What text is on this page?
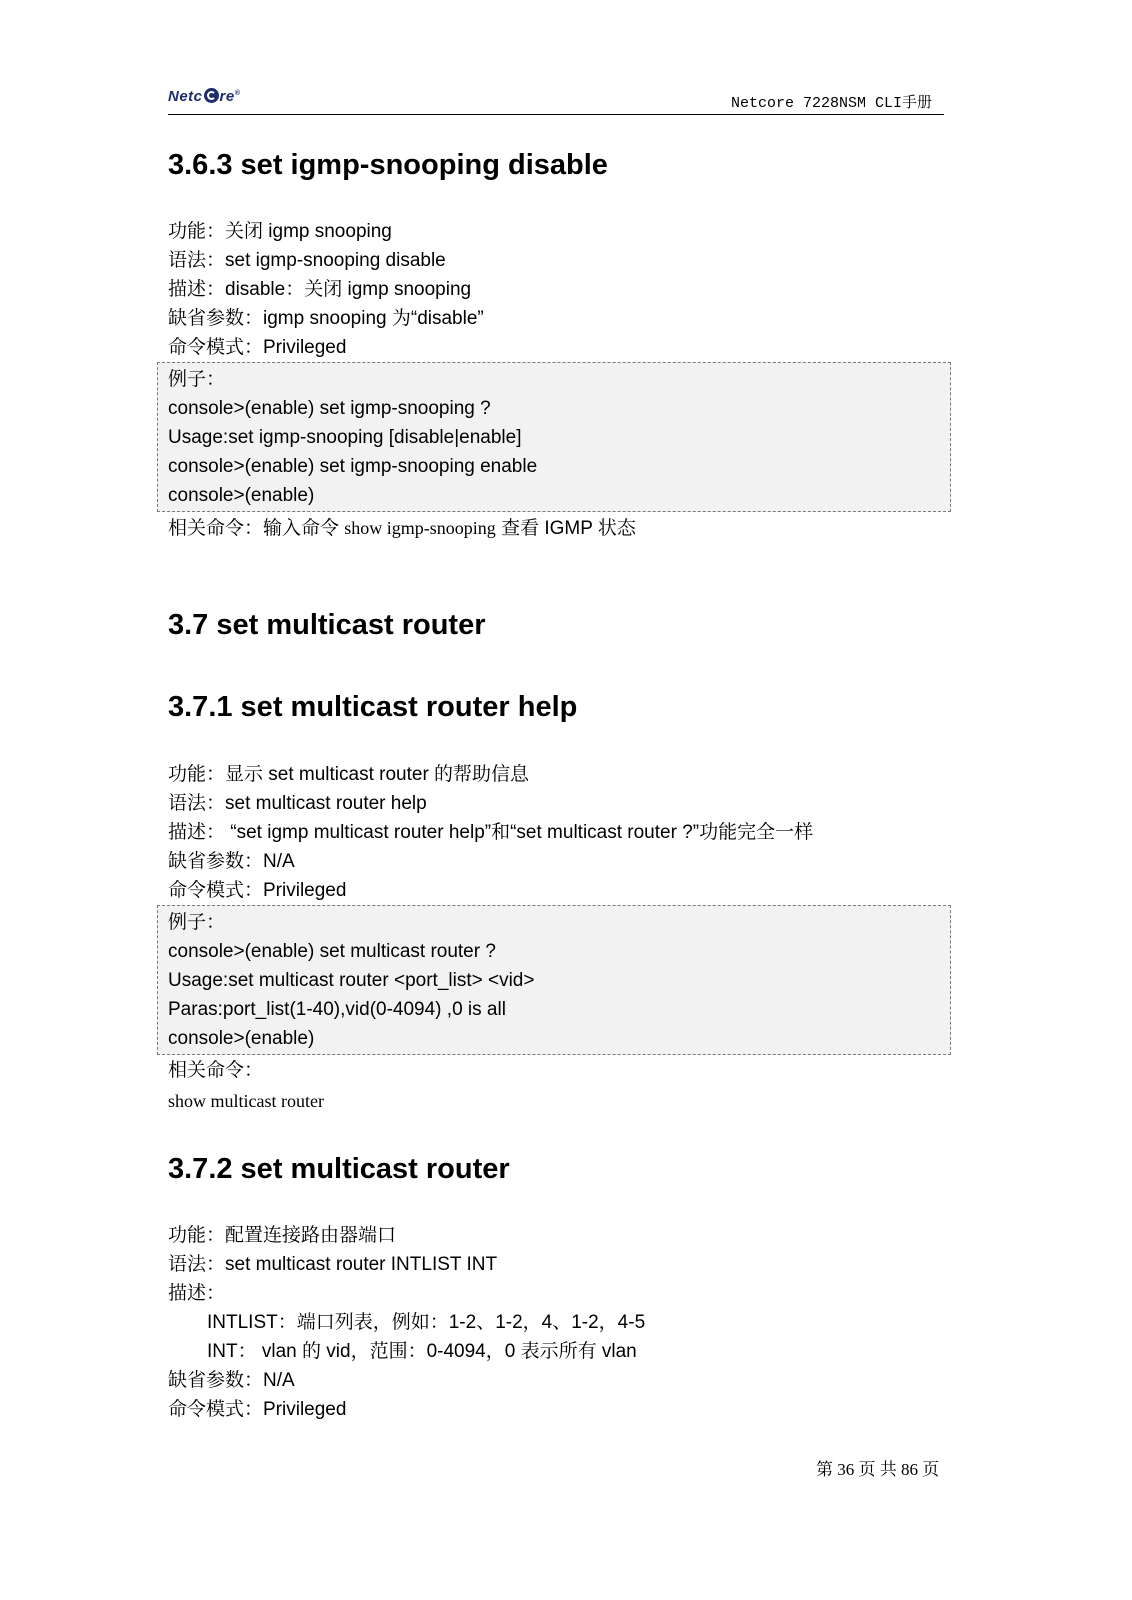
Netc re®
Netcore 7228NSM CLI手册
3.6.3 set igmp-snooping disable
功能：关闭 igmp snooping
语法：set igmp-snooping disable
描述：disable：关闭 igmp snooping
缺省参数：igmp snooping 为“disable”
命令模式：Privileged
例子：
console>(enable) set igmp-snooping ?
Usage:set igmp-snooping [disable|enable]
console>(enable) set igmp-snooping enable
console>(enable)
相关命令：输入命令 show igmp-snooping 查看 IGMP 状态
3.7 set multicast router
3.7.1 set multicast router help
功能：显示 set multicast router 的帮助信息
语法：set multicast router help
描述： “set igmp multicast router help”和“set multicast router ?”功能完全一样
缺省参数：N/A
命令模式：Privileged
例子：
console>(enable) set multicast router ?
Usage:set multicast router <port_list> <vid>
Paras:port_list(1-40),vid(0-4094) ,0 is all
console>(enable)
相关命令：
show multicast router
3.7.2 set multicast router
功能：配置连接路由器端口
语法：set multicast router INTLIST INT
描述：
INTLIST：端口列表，例如：1-2、1-2，4、1-2，4-5
INT： vlan 的 vid，范围：0-4094，0 表示所有 vlan
缺省参数：N/A
命令模式：Privileged
第 36 页 共 86 页
